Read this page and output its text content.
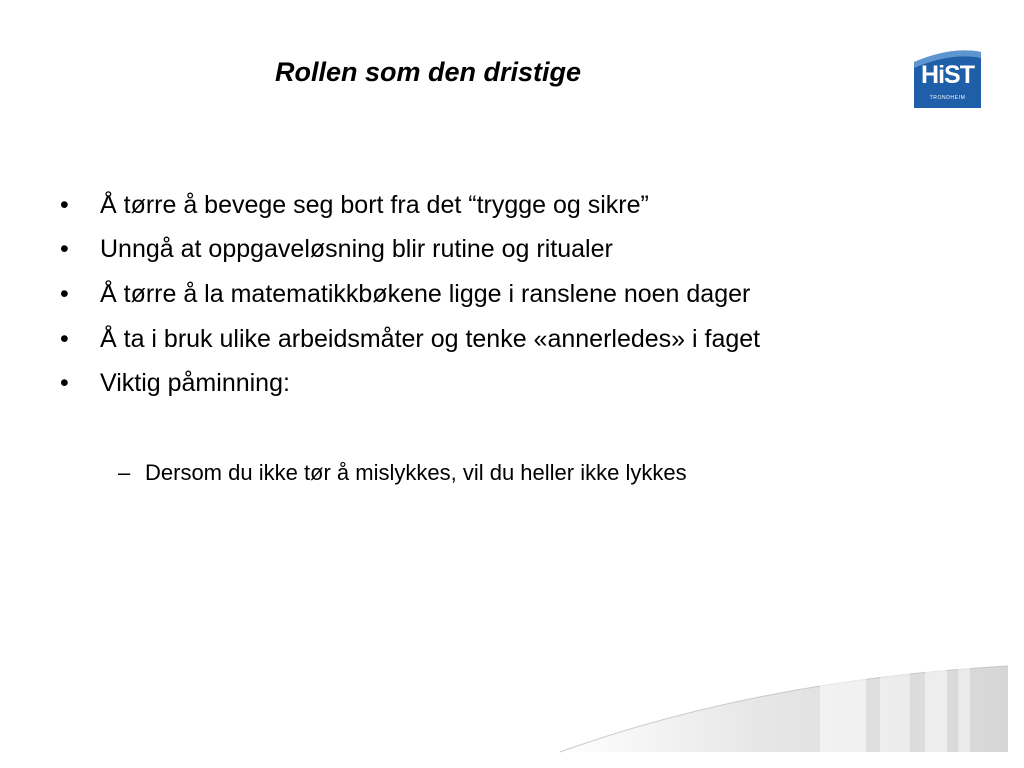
Rollen som den dristige	HiST
TRONDHEIM
• Å tørre å bevege seg bort fra det “trygge og sikre”
• Unngå at oppgaveløsning blir rutine og ritualer
• Å tørre å la matematikkbøkene ligge i ranslene noen dager
• Å ta i bruk ulike arbeidsmåter og tenke «annerledes» i faget
• Viktig påminning:
– Dersom du ikke tør å mislykkes, vil du heller ikke lykkes
